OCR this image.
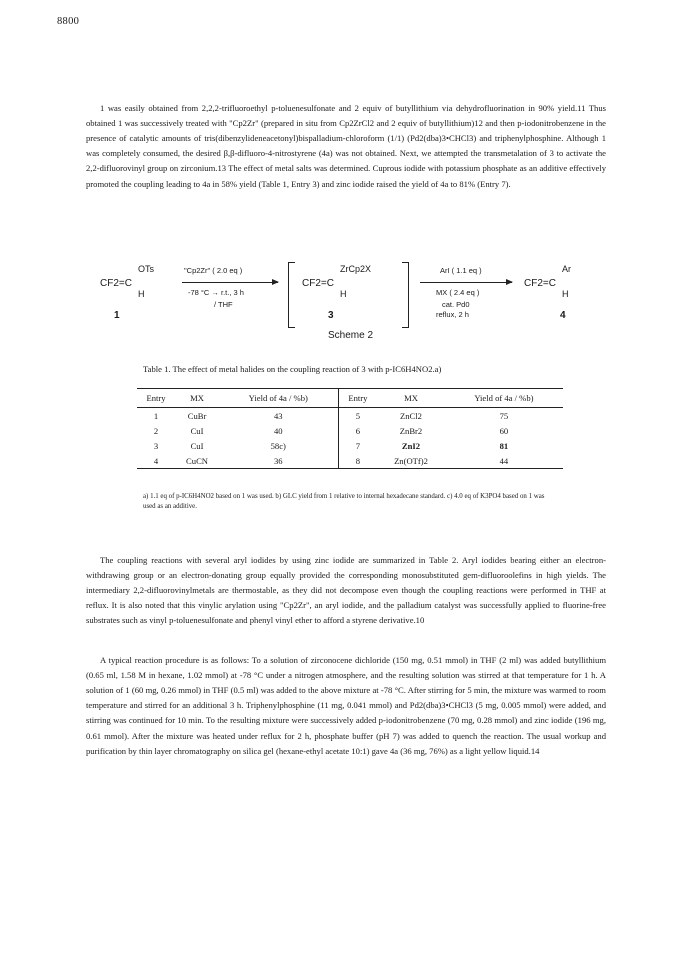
8800

1 was easily obtained from 2,2,2-trifluoroethyl p-toluenesulfonate and 2 equiv of butyllithium via dehydrofluorination in 90% yield.11 Thus obtained 1 was successively treated with "Cp2Zr" (prepared in situ from Cp2ZrCl2 and 2 equiv of butyllithium)12 and then p-iodonitrobenzene in the presence of catalytic amounts of tris(dibenzylideneacetonyl)bispalladium-chloroform (1/1) (Pd2(dba)3•CHCl3) and triphenylphosphine. Although 1 was completely consumed, the desired β,β-difluoro-4-nitrostyrene (4a) was not obtained. Next, we attempted the transmetalation of 3 to activate the 2,2-difluorovinyl group on zirconium.13 The effect of metal salts was determined. Cuprous iodide with potassium phosphate as an additive effectively promoted the coupling leading to 4a in 58% yield (Table 1, Entry 3) and zinc iodide raised the yield of 4a to 81% (Entry 7).

CF2=C
OTs
H
1
"Cp2Zr" ( 2.0 eq )
-78 °C → r.t., 3 h
/ THF
CF2=C
ZrCp2X
H
3
ArI ( 1.1 eq )
MX ( 2.4 eq )
cat. Pd0
reflux, 2 h
CF2=C
Ar
H
4
Scheme 2
Table 1. The effect of metal halides on the coupling reaction of 3 with p-IC6H4NO2.a)
Entry	MX	Yield of 4a / %b)	Entry	MX	Yield of 4a / %b)
1	CuBr	43	5	ZnCl2	75
2	CuI	40	6	ZnBr2	60
3	CuI	58c)	7	ZnI2	81
4	CuCN	36	8	Zn(OTf)2	44
a) 1.1 eq of p-IC6H4NO2 based on 1 was used. b) GLC yield from 1 relative to internal hexadecane standard. c) 4.0 eq of K3PO4 based on 1 was used as an additive.

The coupling reactions with several aryl iodides by using zinc iodide are summarized in Table 2. Aryl iodides bearing either an electron-withdrawing group or an electron-donating group equally provided the corresponding monosubstituted gem-difluoroolefins in high yields. The intermediary 2,2-difluorovinylmetals are thermostable, as they did not decompose even though the coupling reactions were performed in THF at reflux. It is also noted that this vinylic arylation using "Cp2Zr", an aryl iodide, and the palladium catalyst was successfully applied to fluorine-free substrates such as vinyl p-toluenesulfonate and phenyl vinyl ether to afford a styrene derivative.10

A typical reaction procedure is as follows: To a solution of zirconocene dichloride (150 mg, 0.51 mmol) in THF (2 ml) was added butyllithium (0.65 ml, 1.58 M in hexane, 1.02 mmol) at -78 °C under a nitrogen atmosphere, and the resulting solution was stirred at that temperature for 1 h. A solution of 1 (60 mg, 0.26 mmol) in THF (0.5 ml) was added to the above mixture at -78 °C. After stirring for 5 min, the mixture was warmed to room temperature and stirred for an additional 3 h. Triphenylphosphine (11 mg, 0.041 mmol) and Pd2(dba)3•CHCl3 (5 mg, 0.005 mmol) were added, and stirring was continued for 10 min. To the resulting mixture were successively added p-iodonitrobenzene (70 mg, 0.28 mmol) and zinc iodide (196 mg, 0.61 mmol). After the mixture was heated under reflux for 2 h, phosphate buffer (pH 7) was added to quench the reaction. The usual workup and purification by thin layer chromatography on silica gel (hexane-ethyl acetate 10:1) gave 4a (36 mg, 76%) as a light yellow liquid.14
